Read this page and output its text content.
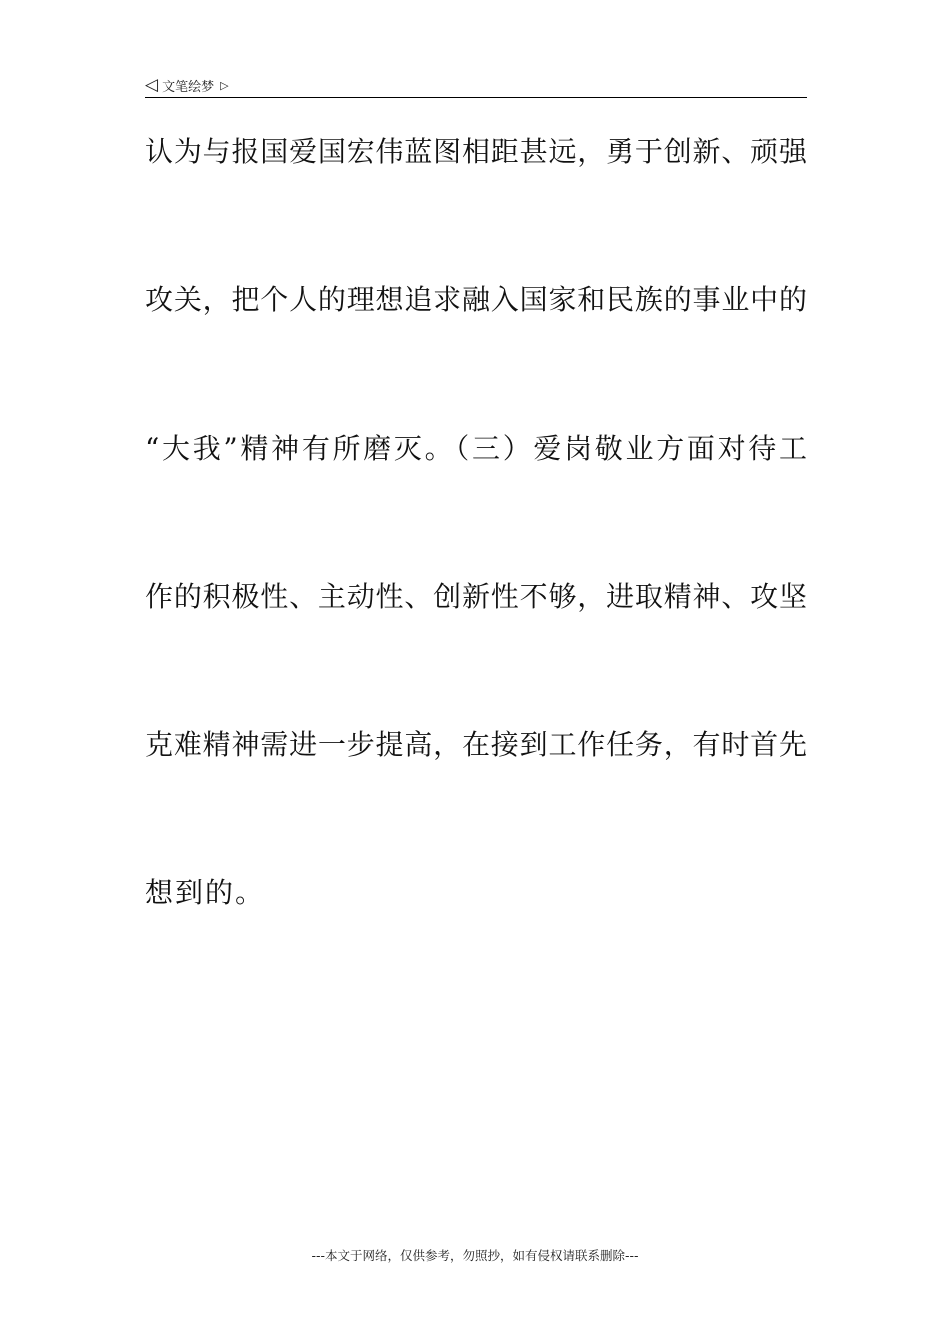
◁ 文笔绘梦 ▷
认为与报国爱国宏伟蓝图相距甚远，勇于创新、顽强
攻关，把个人的理想追求融入国家和民族的事业中的
“大我”精神有所磨灭。（三）爱岗敬业方面对待工
作的积极性、主动性、创新性不够，进取精神、攻坚
克难精神需进一步提高，在接到工作任务，有时首先
想到的。
---本文于网络，仅供参考，勿照抄，如有侵权请联系删除---
